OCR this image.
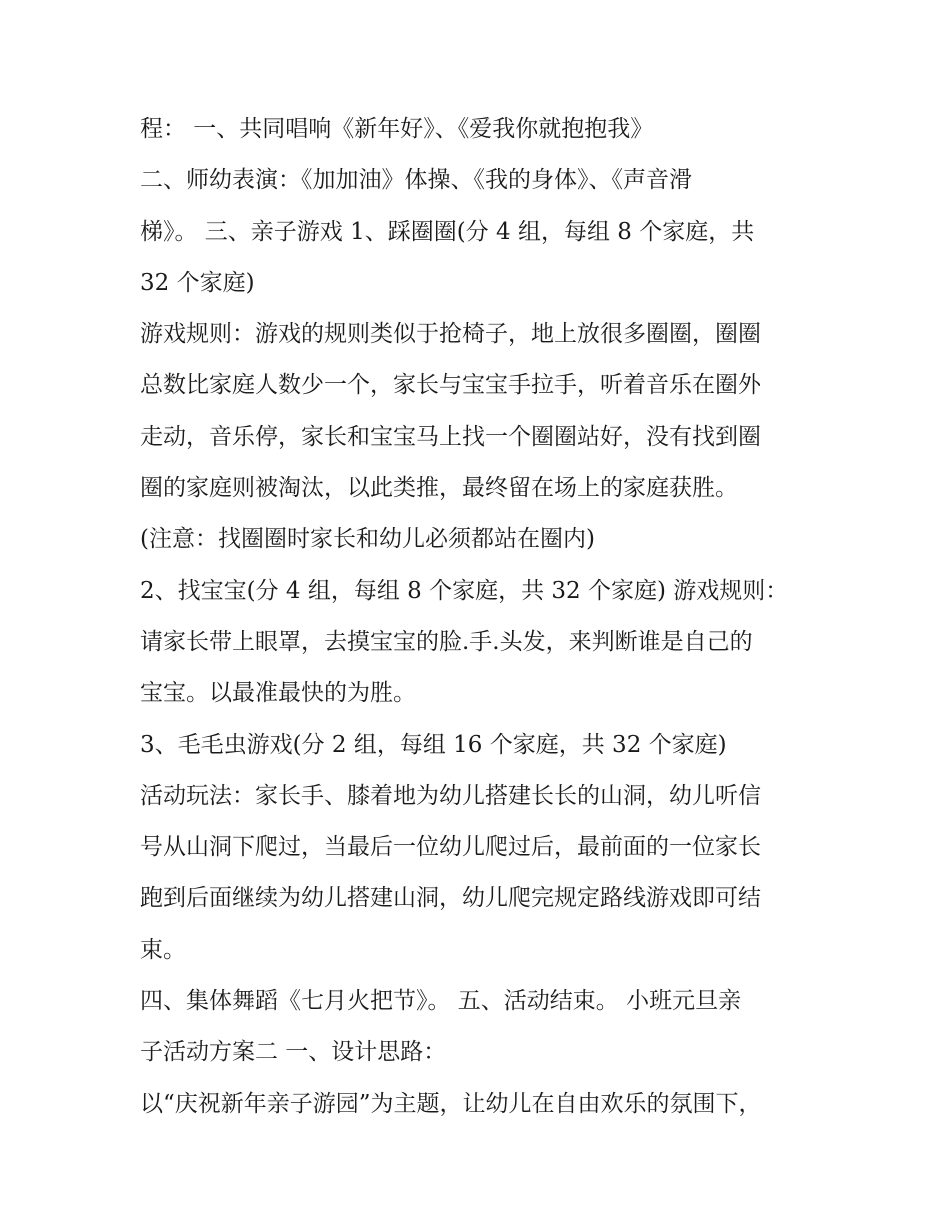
程： 一、共同唱响《新年好》、《爱我你就抱抱我》
二、师幼表演：《加加油》体操、《我的身体》、《声音滑
梯》。 三、亲子游戏 1、踩圈圈(分 4 组，每组 8 个家庭，共
32 个家庭)
游戏规则：游戏的规则类似于抢椅子，地上放很多圈圈，圈圈
总数比家庭人数少一个，家长与宝宝手拉手，听着音乐在圈外
走动，音乐停，家长和宝宝马上找一个圈圈站好，没有找到圈
圈的家庭则被淘汰，以此类推，最终留在场上的家庭获胜。
(注意：找圈圈时家长和幼儿必须都站在圈内)
2、找宝宝(分 4 组，每组 8 个家庭，共 32 个家庭) 游戏规则：
请家长带上眼罩，去摸宝宝的脸.手.头发，来判断谁是自己的
宝宝。以最准最快的为胜。
3、毛毛虫游戏(分 2 组，每组 16 个家庭，共 32 个家庭)
活动玩法：家长手、膝着地为幼儿搭建长长的山洞，幼儿听信
号从山洞下爬过，当最后一位幼儿爬过后，最前面的一位家长
跑到后面继续为幼儿搭建山洞，幼儿爬完规定路线游戏即可结
束。
四、集体舞蹈《七月火把节》。 五、活动结束。 小班元旦亲
子活动方案二 一、设计思路：
以“庆祝新年亲子游园”为主题，让幼儿在自由欢乐的氛围下，
